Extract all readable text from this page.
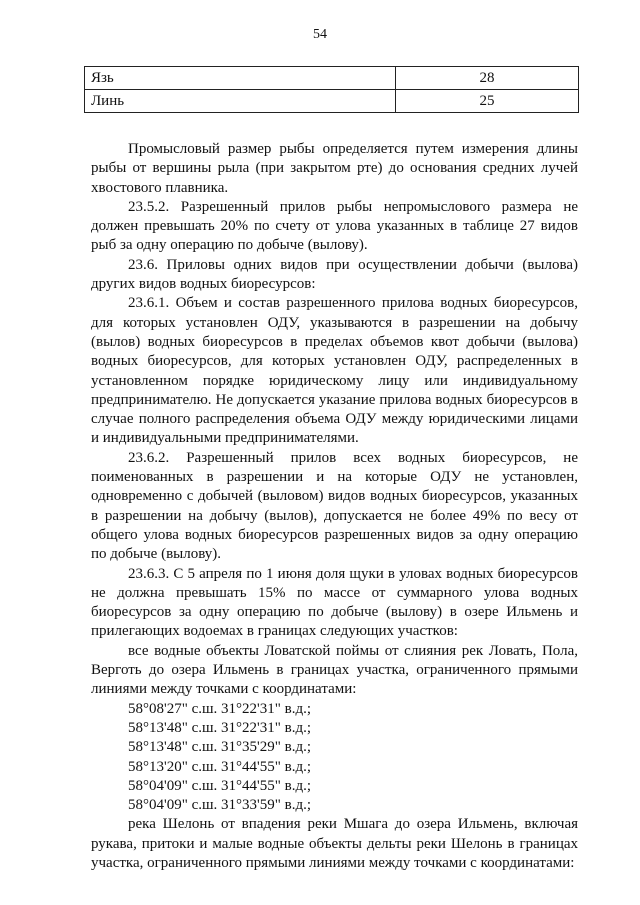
54
Язь	28
Линь	25

Промысловый размер рыбы определяется путем измерения длины рыбы от вершины рыла (при закрытом рте) до основания средних лучей хвостового плавника.

23.5.2. Разрешенный прилов рыбы непромыслового размера не должен превышать 20% по счету от улова указанных в таблице 27 видов рыб за одну операцию по добыче (вылову).

23.6. Приловы одних видов при осуществлении добычи (вылова) других видов водных биоресурсов:

23.6.1. Объем и состав разрешенного прилова водных биоресурсов, для которых установлен ОДУ, указываются в разрешении на добычу (вылов) водных биоресурсов в пределах объемов квот добычи (вылова) водных биоресурсов, для которых установлен ОДУ, распределенных в установленном порядке юридическому лицу или индивидуальному предпринимателю. Не допускается указание прилова водных биоресурсов в случае полного распределения объема ОДУ между юридическими лицами и индивидуальными предпринимателями.

23.6.2. Разрешенный прилов всех водных биоресурсов, не поименованных в разрешении и на которые ОДУ не установлен, одновременно с добычей (выловом) видов водных биоресурсов, указанных в разрешении на добычу (вылов), допускается не более 49% по весу от общего улова водных биоресурсов разрешенных видов за одну операцию по добыче (вылову).

23.6.3. С 5 апреля по 1 июня доля щуки в уловах водных биоресурсов не должна превышать 15% по массе от суммарного улова водных биоресурсов за одну операцию по добыче (вылову) в озере Ильмень и прилегающих водоемах в границах следующих участков:

все водные объекты Ловатской поймы от слияния рек Ловать, Пола, Верготь до озера Ильмень в границах участка, ограниченного прямыми линиями между точками с координатами:

58°08'27" с.ш. 31°22'31" в.д.;
58°13'48" с.ш. 31°22'31" в.д.;
58°13'48" с.ш. 31°35'29" в.д.;
58°13'20" с.ш. 31°44'55" в.д.;
58°04'09" с.ш. 31°44'55" в.д.;
58°04'09" с.ш. 31°33'59" в.д.;

река Шелонь от впадения реки Мшага до озера Ильмень, включая рукава, притоки и малые водные объекты дельты реки Шелонь в границах участка, ограниченного прямыми линиями между точками с координатами:
